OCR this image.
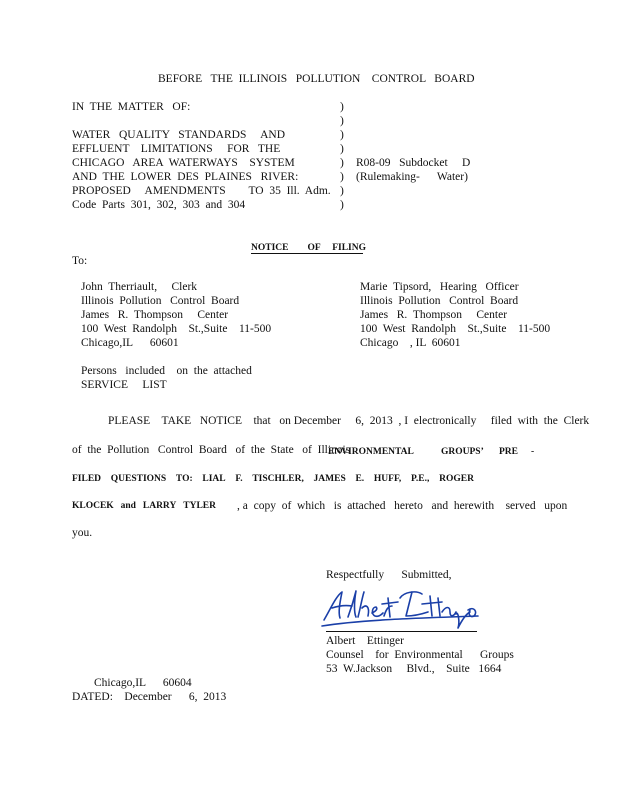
BEFORE   THE  ILLINOIS   POLLUTION    CONTROL   BOARD
IN  THE  MATTER   OF:
WATER   QUALITY   STANDARDS     AND
EFFLUENT    LIMITATIONS     FOR   THE
CHICAGO   AREA  WATERWAYS    SYSTEM
AND  THE  LOWER  DES  PLAINES   RIVER:
PROPOSED     AMENDMENTS        TO  35  Ill.  Adm.
Code  Parts  301,  302,  303  and  304
)
)
)
)
)
)
)
)
R08-09   Subdocket     D
(Rulemaking-      Water)
NOTICE        OF     FILING
To:
John  Therriault,     Clerk
Illinois  Pollution   Control  Board
James   R.  Thompson     Center
100  West  Randolph    St.,Suite    11-500
Chicago,IL      60601
Marie  Tipsord,   Hearing   Officer
Illinois  Pollution   Control  Board
James   R.  Thompson     Center
100  West  Randolph    St.,Suite    11-500
Chicago    , IL  60601
Persons   included    on  the  attached
SERVICE     LIST
PLEASE    TAKE   NOTICE    that   on December     6,  2013  , I  electronically     filed  with  the  Clerk
of  the  Pollution   Control  Board   of  the  State   of  Illinois
ENVIRONMENTAL	GROUPS’ PRE -
FILED QUESTIONS TO: LIAL F. TISCHLER, JAMES E. HUFF, P.E., ROGER
KLOCEK and LARRY TYLER , a  copy  of  which   is  attached   hereto   and  herewith    served   upon
you.
Respectfully      Submitted,
Albert    Ettinger
Counsel    for  Environmental      Groups
53  W.Jackson     Blvd.,    Suite   1664
Chicago,IL      60604
DATED:    December      6,  2013
